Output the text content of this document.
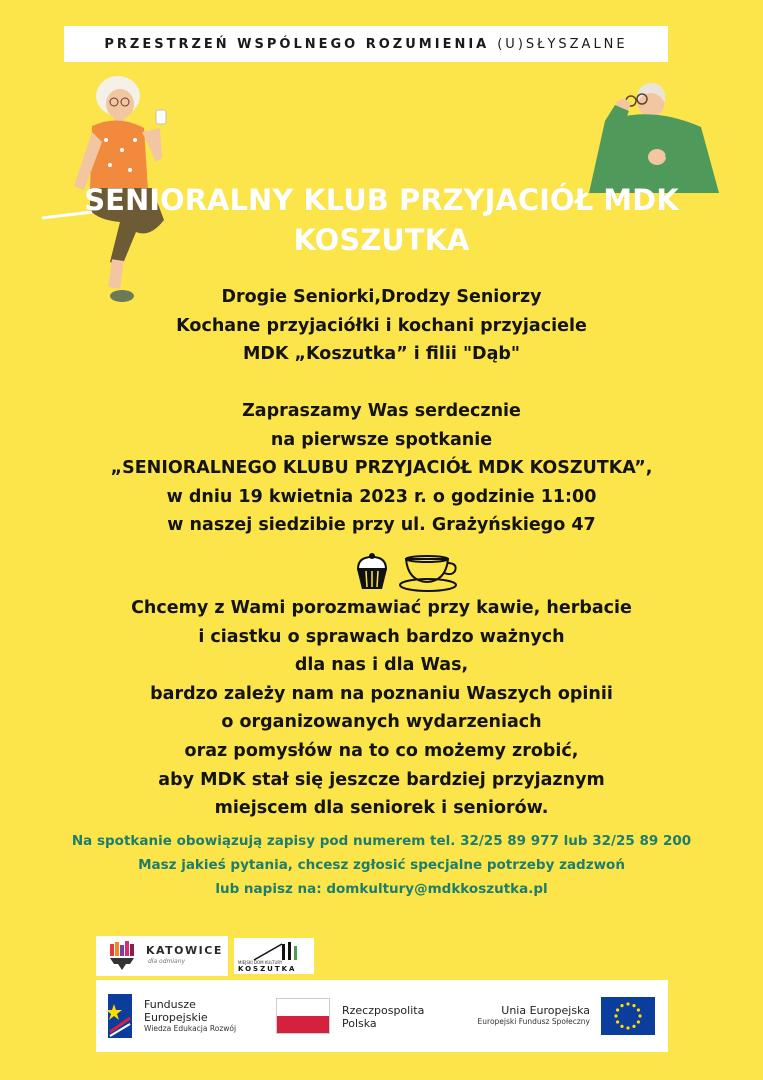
PRZESTRZEŃ WSPÓLNEGO ROZUMIENIA (U)SŁYSZALNE
SENIORALNY KLUB PRZYJACIÓŁ MDK
KOSZUTKA
Drogie Seniorki,Drodzy Seniorzy
Kochane przyjaciółki i kochani przyjaciele
MDK „Koszutka” i filii "Dąb"
Zapraszamy Was serdecznie
na pierwsze spotkanie
„SENIORALNEGO KLUBU PRZYJACIÓŁ MDK KOSZUTKA”,
w dniu 19 kwietnia 2023 r. o godzinie 11:00
w naszej siedzibie przy ul. Grażyńskiego 47
Chcemy z Wami porozmawiać przy kawie, herbacie
i ciastku o sprawach bardzo ważnych
dla nas i dla Was,
bardzo zależy nam na poznaniu Waszych opinii
o organizowanych wydarzeniach
oraz pomysłów na to co możemy zrobić,
aby MDK stał się jeszcze bardziej przyjaznym
miejscem dla seniorek i seniorów.
Na spotkanie obowiązują zapisy pod numerem tel. 32/25 89 977 lub 32/25 89 200
Masz jakieś pytania, chcesz zgłosić specjalne potrzeby zadzwoń
lub napisz na: domkultury@mdkkoszutka.pl
KATOWICE
dla odmiany	MIEJSKI DOM KULTURY
KOSZUTKA
Fundusze
Europejskie
Wiedza Edukacja Rozwój
Rzeczpospolita
Polska
Unia Europejska
Europejski Fundusz Społeczny
